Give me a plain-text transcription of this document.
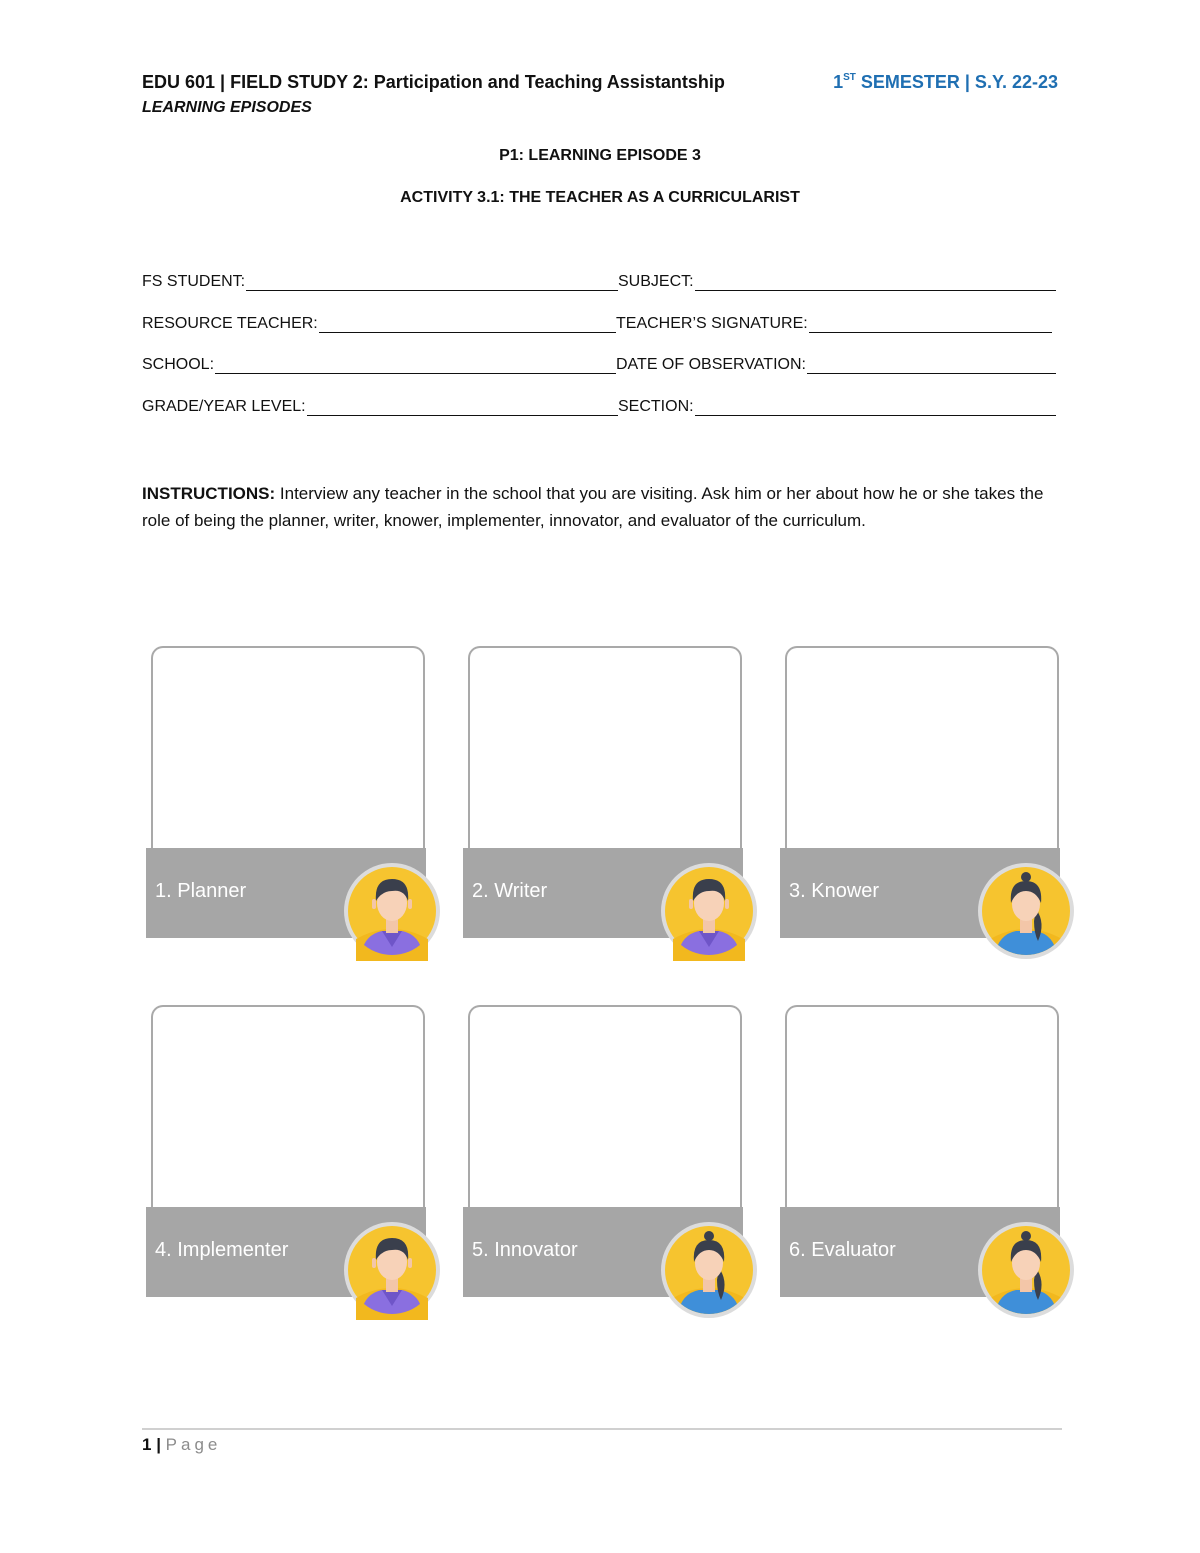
EDU 601 | FIELD STUDY 2: Participation and Teaching Assistantship
LEARNING EPISODES
1ST SEMESTER | S.Y. 22-23
P1: LEARNING EPISODE 3
ACTIVITY 3.1: THE TEACHER AS A CURRICULARIST
FS STUDENT:	SUBJECT:
RESOURCE TEACHER:	TEACHER’S SIGNATURE:
SCHOOL:	DATE OF OBSERVATION:
GRADE/YEAR LEVEL:	SECTION:
INSTRUCTIONS: Interview any teacher in the school that you are visiting. Ask him or her about how he or she takes the role of being the planner, writer, knower, implementer, innovator, and evaluator of the curriculum.
1. Planner	2. Writer	3. Knower
4. Implementer	5. Innovator	6. Evaluator
1 | Page
